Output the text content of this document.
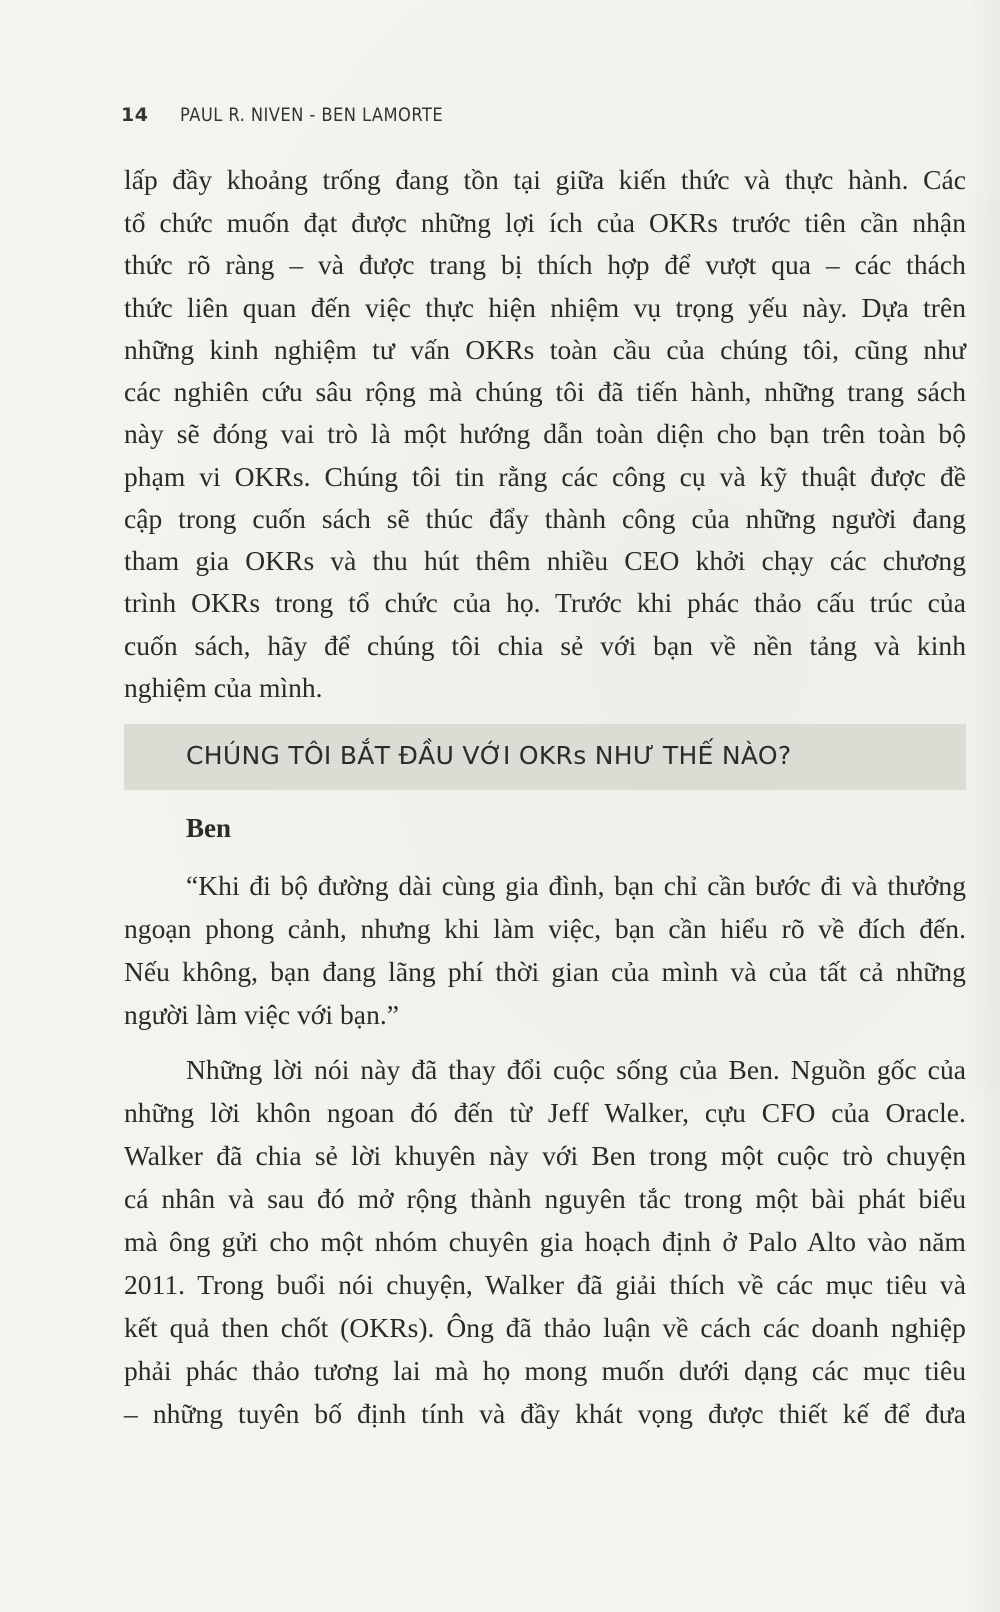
14 PAUL R. NIVEN - BEN LAMORTE
lấp đầy khoảng trống đang tồn tại giữa kiến thức và thực hành. Các
tổ chức muốn đạt được những lợi ích của OKRs trước tiên cần nhận
thức rõ ràng – và được trang bị thích hợp để vượt qua – các thách
thức liên quan đến việc thực hiện nhiệm vụ trọng yếu này. Dựa trên
những kinh nghiệm tư vấn OKRs toàn cầu của chúng tôi, cũng như
các nghiên cứu sâu rộng mà chúng tôi đã tiến hành, những trang sách
này sẽ đóng vai trò là một hướng dẫn toàn diện cho bạn trên toàn bộ
phạm vi OKRs. Chúng tôi tin rằng các công cụ và kỹ thuật được đề
cập trong cuốn sách sẽ thúc đẩy thành công của những người đang
tham gia OKRs và thu hút thêm nhiều CEO khởi chạy các chương
trình OKRs trong tổ chức của họ. Trước khi phác thảo cấu trúc của
cuốn sách, hãy để chúng tôi chia sẻ với bạn về nền tảng và kinh
nghiệm của mình.
CHÚNG TÔI BẮT ĐẦU VỚI OKRs NHƯ THẾ NÀO?
Ben
“Khi đi bộ đường dài cùng gia đình, bạn chỉ cần bước đi và thưởng
ngoạn phong cảnh, nhưng khi làm việc, bạn cần hiểu rõ về đích đến.
Nếu không, bạn đang lãng phí thời gian của mình và của tất cả những
người làm việc với bạn.”
Những lời nói này đã thay đổi cuộc sống của Ben. Nguồn gốc của
những lời khôn ngoan đó đến từ Jeff Walker, cựu CFO của Oracle.
Walker đã chia sẻ lời khuyên này với Ben trong một cuộc trò chuyện
cá nhân và sau đó mở rộng thành nguyên tắc trong một bài phát biểu
mà ông gửi cho một nhóm chuyên gia hoạch định ở Palo Alto vào năm
2011. Trong buổi nói chuyện, Walker đã giải thích về các mục tiêu và
kết quả then chốt (OKRs). Ông đã thảo luận về cách các doanh nghiệp
phải phác thảo tương lai mà họ mong muốn dưới dạng các mục tiêu
– những tuyên bố định tính và đầy khát vọng được thiết kế để đưa
